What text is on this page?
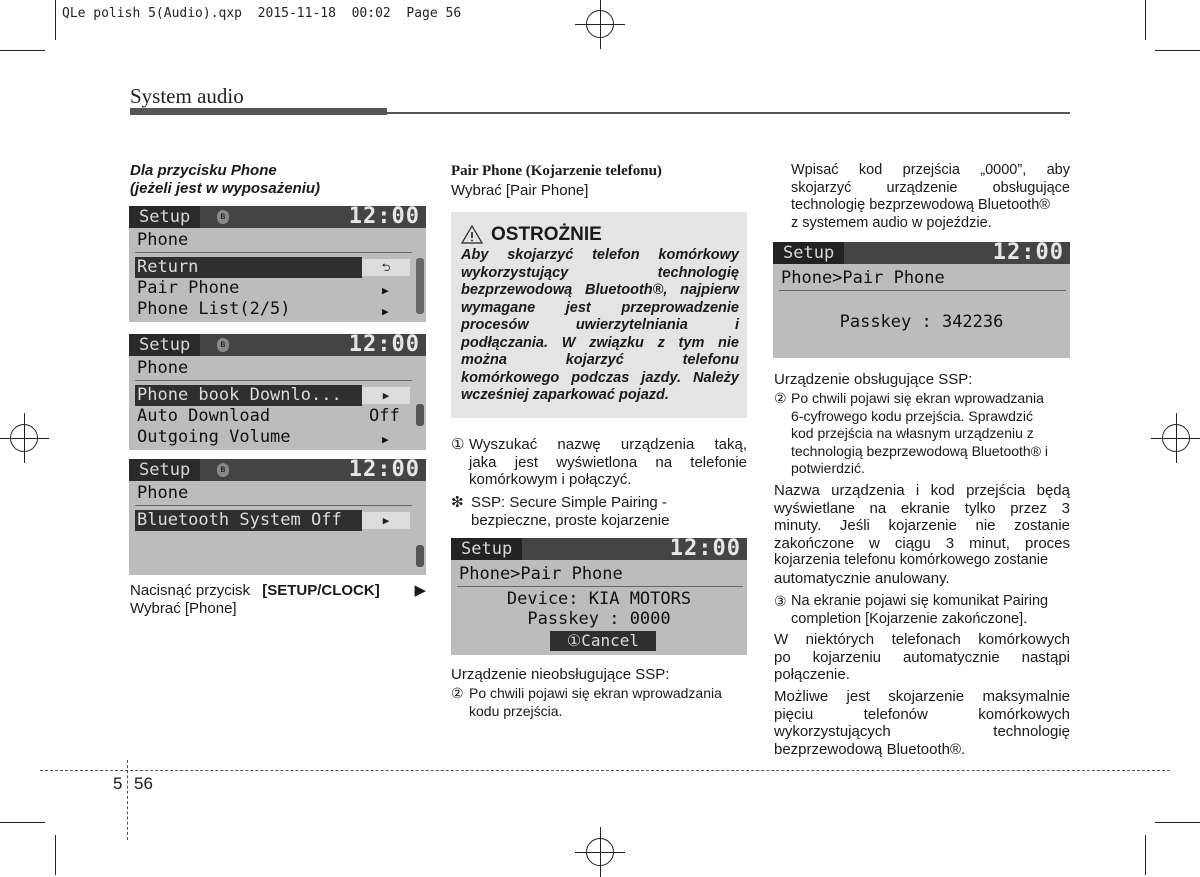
QLe polish 5(Audio).qxp  2015-11-18  00:02  Page 56
System audio
Dla przycisku Phone
(jeżeli jest w wyposażeniu)
Setup	ʙ	12:00
Phone
Return	⮌
Pair Phone	▶
Phone List(2/5)	▶
Setup	ʙ	12:00
Phone
Phone book Downlo...	▶
Auto Download	Off
Outgoing Volume	▶
Setup	ʙ	12:00
Phone
Bluetooth System Off	▶
Nacisnąć przycisk [SETUP/CLOCK] ▶
Wybrać [Phone]
Pair Phone (Kojarzenie telefonu)
Wybrać [Pair Phone]
OSTROŻNIE
Aby skojarzyć telefon komórkowy
wykorzystujący technologię
bezprzewodową Bluetooth®, najpierw
wymagane jest przeprowadzenie
procesów uwierzytelniania i
podłączania. W związku z tym nie
można kojarzyć telefonu
komórkowego podczas jazdy. Należy
wcześniej zaparkować pojazd.
① Wyszukać nazwę urządzenia taką,
jaka jest wyświetlona na telefonie
komórkowym i połączyć.
❇ SSP: Secure Simple Pairing -
bezpieczne, proste kojarzenie
Setup	12:00
Phone>Pair Phone
Device: KIA MOTORS
Passkey : 0000
①Cancel
Urządzenie nieobsługujące SSP:
② Po chwili pojawi się ekran wprowadzania
kodu przejścia.
Wpisać kod przejścia „0000”, aby
skojarzyć urządzenie obsługujące
technologię bezprzewodową Bluetooth®
z systemem audio w pojeździe.
Setup	12:00
Phone>Pair Phone
Passkey : 342236
Urządzenie obsługujące SSP:
② Po chwili pojawi się ekran wprowadzania
6-cyfrowego kodu przejścia. Sprawdzić
kod przejścia na własnym urządzeniu z
technologią bezprzewodową Bluetooth® i
potwierdzić.
Nazwa urządzenia i kod przejścia będą
wyświetlane na ekranie tylko przez 3
minuty. Jeśli kojarzenie nie zostanie
zakończone w ciągu 3 minut, proces
kojarzenia telefonu komórkowego zostanie
automatycznie anulowany.
③ Na ekranie pojawi się komunikat Pairing
completion [Kojarzenie zakończone].
W niektórych telefonach komórkowych
po kojarzeniu automatycznie nastąpi
połączenie.
Możliwe jest skojarzenie maksymalnie
pięciu telefonów komórkowych
wykorzystujących technologię
bezprzewodową Bluetooth®.
5 56
